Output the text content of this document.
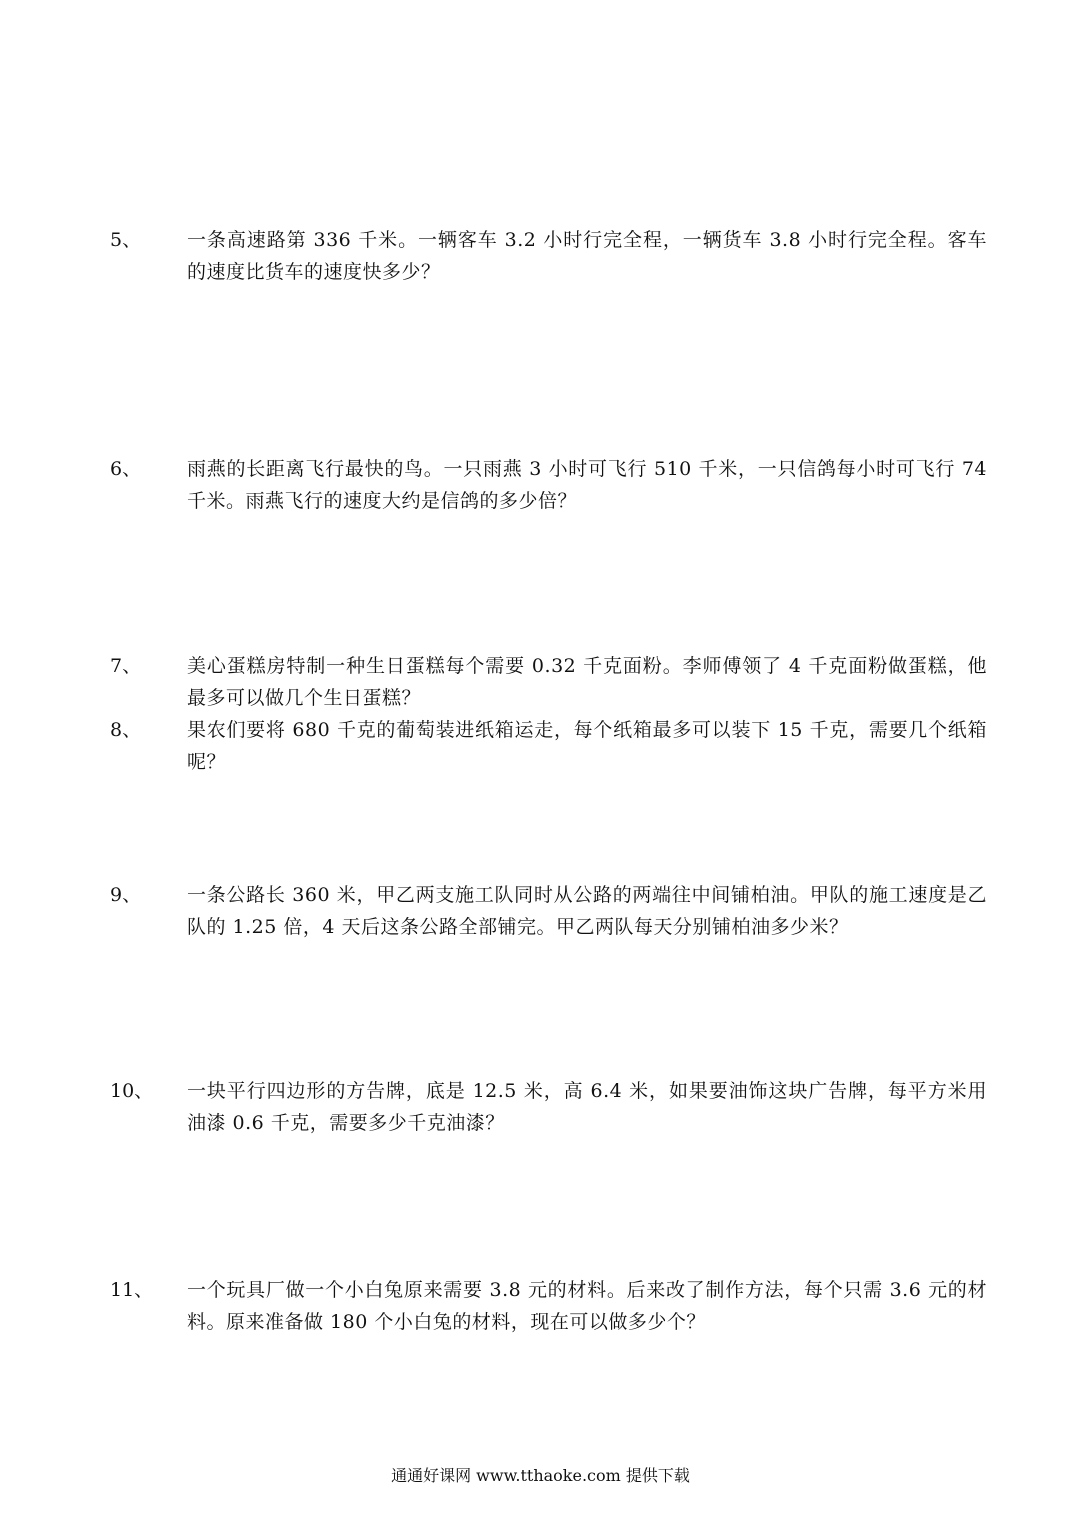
5、 一条高速路第 336 千米。一辆客车 3.2 小时行完全程，一辆货车 3.8 小时行完全程。客车的速度比货车的速度快多少？
6、 雨燕的长距离飞行最快的鸟。一只雨燕 3 小时可飞行 510 千米，一只信鸽每小时可飞行 74 千米。雨燕飞行的速度大约是信鸽的多少倍？
7、 美心蛋糕房特制一种生日蛋糕每个需要 0.32 千克面粉。李师傅领了 4 千克面粉做蛋糕，他最多可以做几个生日蛋糕？
8、 果农们要将 680 千克的葡萄装进纸箱运走，每个纸箱最多可以装下 15 千克，需要几个纸箱呢？
9、 一条公路长 360 米，甲乙两支施工队同时从公路的两端往中间铺柏油。甲队的施工速度是乙队的 1.25 倍，4 天后这条公路全部铺完。甲乙两队每天分别铺柏油多少米？
10、 一块平行四边形的方告牌，底是 12.5 米，高 6.4 米，如果要油饰这块广告牌，每平方米用油漆 0.6 千克，需要多少千克油漆？
11、 一个玩具厂做一个小白兔原来需要 3.8 元的材料。后来改了制作方法，每个只需 3.6 元的材料。原来准备做 180 个小白兔的材料，现在可以做多少个？
通通好课网 www.tthaoke.com 提供下载
